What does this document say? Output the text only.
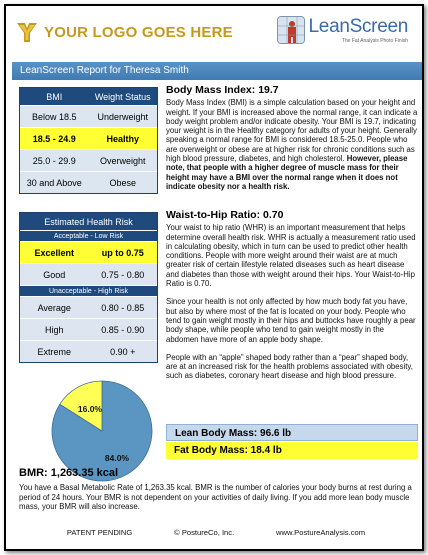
YOUR LOGO GOES HERE	LeanScreen
The Fat Analysis Photo Finish
LeanScreen Report for Theresa Smith
BMI	Weight Status
Below 18.5	Underweight
18.5 - 24.9	Healthy
25.0 - 29.9	Overweight
30 and Above	Obese
Estimated Health Risk
Acceptable - Low Risk
Excellent	up to 0.75
Good	0.75 - 0.80
Unacceptable - High Risk
Average	0.80 - 0.85
High	0.85 - 0.90
Extreme	0.90 +
84.0%
16.0%
Body Mass Index: 19.7

Body Mass Index (BMI) is a simple calculation based on your height and weight. If your BMI is increased above the normal range, it can indicate a body weight problem and/or indicate obesity. Your BMI is 19.7, indicating your weight is in the Healthy category for adults of your height. Generally speaking a normal range for BMI is considered 18.5-25.0. People who are overweight or obese are at higher risk for chronic conditions such as high blood pressure, diabetes, and high cholesterol. However, please note, that people with a higher degree of muscle mass for their height may have a BMI over the normal range when it does not indicate obesity nor a health risk.

Waist-to-Hip Ratio: 0.70

Your waist to hip ratio (WHR) is an important measurement that helps determine overall health risk. WHR is actually a measurement ratio used in calculating obesity, which in turn can be used to predict other health conditions. People with more weight around their waist are at much greater risk of certain lifestyle related diseases such as heart disease and diabetes than those with weight around their hips. Your Waist-to-Hip Ratio is 0.70.

Since your health is not only affected by how much body fat you have, but also by where most of the fat is located on your body. People who tend to gain weight mostly in their hips and buttocks have roughly a pear body shape, while people who tend to gain weight mostly in the abdomen have more of an apple body shape.

People with an “apple” shaped body rather than a “pear” shaped body, are at an increased risk for the health problems associated with obesity, such as diabetes, coronary heart disease and high blood pressure.

Lean Body Mass: 96.6 lb
Fat Body Mass: 18.4 lb
BMR: 1,263.35 kcal
You have a Basal Metabolic Rate of 1,263.35 kcal. BMR is the number of calories your body burns at rest during a period of 24 hours. Your BMR is not dependent on your activities of daily living. If you add more lean body muscle mass, your BMR will also increase.
PATENT PENDING	© PostureCo, Inc.	www.PostureAnalysis.com
